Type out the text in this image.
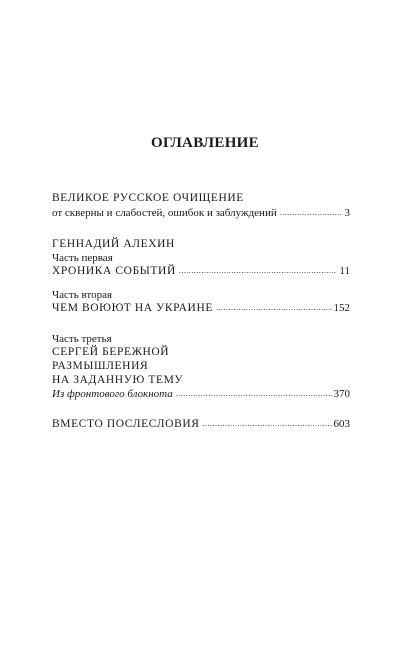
ОГЛАВЛЕНИЕ
ВЕЛИКОЕ РУССКОЕ ОЧИЩЕНИЕ
от скверны и слабостей, ошибок и заблуждений .....	3
ГЕННАДИЙ АЛЕХИН
Часть первая
ХРОНИКА СОБЫТИЙ .....	11
Часть вторая
ЧЕМ ВОЮЮТ НА УКРАИНЕ .....	152
Часть третья
СЕРГЕЙ БЕРЕЖНОЙ
РАЗМЫШЛЕНИЯ
НА ЗАДАННУЮ ТЕМУ
Из фронтового блокнота .....	370
ВМЕСТО ПОСЛЕСЛОВИЯ .....	603
